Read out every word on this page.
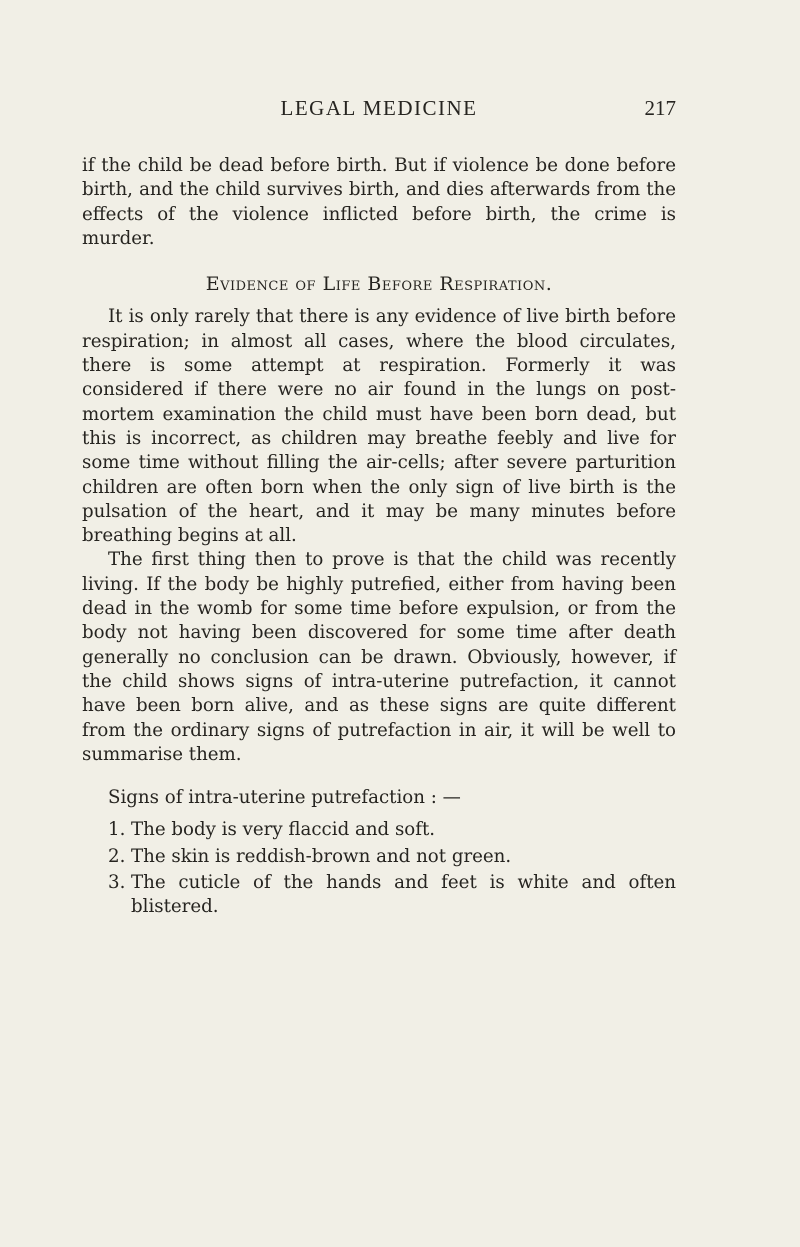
LEGAL MEDICINE	217

if the child be dead before birth. But if violence be done before birth, and the child survives birth, and dies afterwards from the effects of the violence inflicted before birth, the crime is murder.

Evidence of Life Before Respiration.

It is only rarely that there is any evidence of live birth before respiration; in almost all cases, where the blood circulates, there is some attempt at respiration. Formerly it was considered if there were no air found in the lungs on post-mortem examination the child must have been born dead, but this is incorrect, as children may breathe feebly and live for some time without filling the air-cells; after severe parturition children are often born when the only sign of live birth is the pulsation of the heart, and it may be many minutes before breathing begins at all.

The first thing then to prove is that the child was recently living. If the body be highly putrefied, either from having been dead in the womb for some time before expulsion, or from the body not having been discovered for some time after death generally no conclusion can be drawn. Obviously, however, if the child shows signs of intra-uterine putrefaction, it cannot have been born alive, and as these signs are quite different from the ordinary signs of putrefaction in air, it will be well to summarise them.

Signs of intra-uterine putrefaction : —

1. The body is very flaccid and soft.
2. The skin is reddish-brown and not green.
3. The cuticle of the hands and feet is white and often blistered.
